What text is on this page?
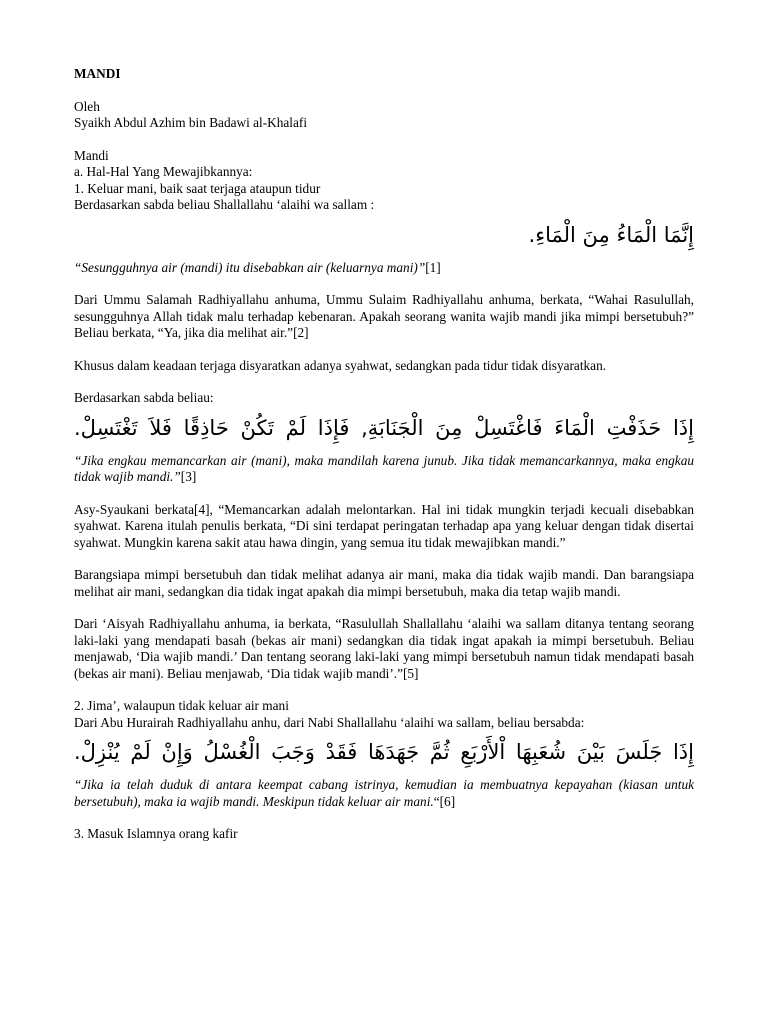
MANDI

Oleh
Syaikh Abdul Azhim bin Badawi al-Khalafi

Mandi
a. Hal-Hal Yang Mewajibkannya:
1. Keluar mani, baik saat terjaga ataupun tidur
Berdasarkan sabda beliau Shallallahu ‘alaihi wa sallam :

إِنَّمَا الْمَاءُ مِنَ الْمَاءِ.

“Sesungguhnya air (mandi) itu disebabkan air (keluarnya mani)”[1]

Dari Ummu Salamah Radhiyallahu anhuma, Ummu Sulaim Radhiyallahu anhuma, berkata, “Wahai Rasulullah, sesungguhnya Allah tidak malu terhadap kebenaran. Apakah seorang wanita wajib mandi jika mimpi bersetubuh?” Beliau berkata, “Ya, jika dia melihat air.”[2]

Khusus dalam keadaan terjaga disyaratkan adanya syahwat, sedangkan pada tidur tidak disyaratkan.

Berdasarkan sabda beliau:

إِذَا حَذَفْتِ الْمَاءَ فَاغْتَسِلْ مِنَ الْجَنَابَةِ, فَإِذَا لَمْ تَكُنْ حَاذِقًا فَلاَ تَغْتَسِلْ.

“Jika engkau memancarkan air (mani), maka mandilah karena junub. Jika tidak memancarkannya, maka engkau tidak wajib mandi.”[3]

Asy-Syaukani berkata[4], “Memancarkan adalah melontarkan. Hal ini tidak mungkin terjadi kecuali disebabkan syahwat. Karena itulah penulis berkata, “Di sini terdapat peringatan terhadap apa yang keluar dengan tidak disertai syahwat. Mungkin karena sakit atau hawa dingin, yang semua itu tidak mewajibkan mandi.”

Barangsiapa mimpi bersetubuh dan tidak melihat adanya air mani, maka dia tidak wajib mandi. Dan barangsiapa melihat air mani, sedangkan dia tidak ingat apakah dia mimpi bersetubuh, maka dia tetap wajib mandi.

Dari ‘Aisyah Radhiyallahu anhuma, ia berkata, “Rasulullah Shallallahu ‘alaihi wa sallam ditanya tentang seorang laki-laki yang mendapati basah (bekas air mani) sedangkan dia tidak ingat apakah ia mimpi bersetubuh. Beliau menjawab, ‘Dia wajib mandi.’ Dan tentang seorang laki-laki yang mimpi bersetubuh namun tidak mendapati basah (bekas air mani). Beliau menjawab, ‘Dia tidak wajib mandi’.”[5]

2. Jima’, walaupun tidak keluar air mani
Dari Abu Hurairah Radhiyallahu anhu, dari Nabi Shallallahu ‘alaihi wa sallam, beliau bersabda:

إِذَا جَلَسَ بَيْنَ شُعَبِهَا اْلأَرْبَعِ ثُمَّ جَهَدَهَا فَقَدْ وَجَبَ الْغُسْلُ وَإِنْ لَمْ يُنْزِلْ.

“Jika ia telah duduk di antara keempat cabang istrinya, kemudian ia membuatnya kepayahan (kiasan untuk bersetubuh), maka ia wajib mandi. Meskipun tidak keluar air mani.“[6]

3. Masuk Islamnya orang kafir
